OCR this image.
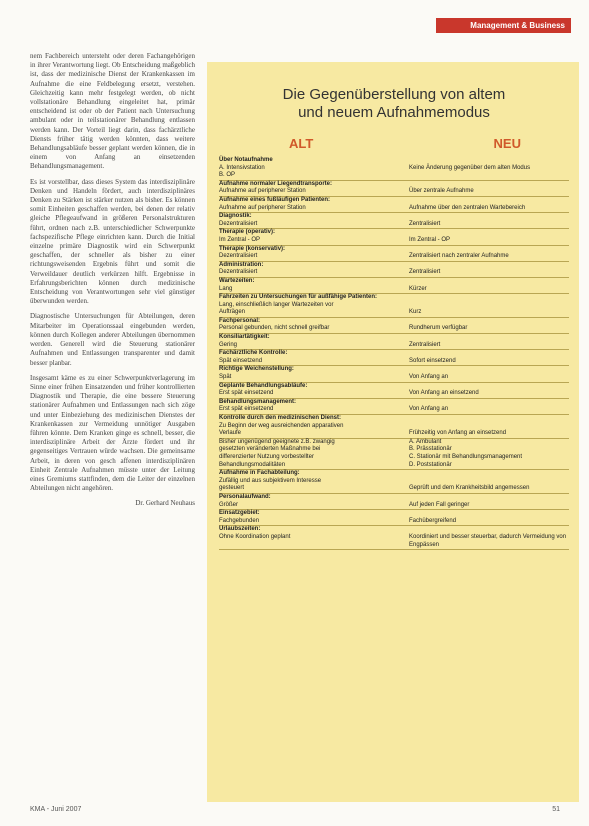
Management & Business

nem Fachbereich untersteht oder deren Fachangehörigen in ihrer Verantwortung liegt. Ob Entscheidung maßgeblich ist, dass der medizinische Dienst der Krankenkassen im Aufnahme die eine Feldbelegung ersetzt, verstehen. Gleichzeitig kann mehr festgelegt werden, ob nicht vollstationäre Behandlung eingeleitet hat, primär entscheidend ist oder ob der Patient nach Untersuchung ambulant oder in teilstationärer Behandlung entlassen werden kann. Der Vorteil liegt darin, dass fachärztliche Diensts früher tätig werden könnten, dass weitere Behandlungsabläufe besser geplant werden können, die in einem von Anfang an einsetzenden Behandlungsmanagement.

Es ist vorstellbar, dass dieses System das interdisziplinäre Denken und Handeln fördert, auch interdisziplinäres Denken zu Stärken ist stärker nutzen als bisher. Es können somit Einheiten geschaffen werden, bei denen der relativ gleiche Pflegeaufwand in größeren Personalstrukturen führt, ordnen nach z.B. unterschiedlicher Schwerpunkte fachspezifische Pflege einrichten kann. Durch die Initial einzelne primäre Diagnostik wird ein Schwerpunkt geschaffen, der schneller als bisher zu einer richtungsweisenden Ergebnis führt und somit die Verweildauer deutlich verkürzen hilft. Ergebnisse in Erfahrungsberichten können durch medizinische Entscheidung von Verantwortungen sehr viel günstiger überwunden werden.

Diagnostische Untersuchungen für Abteilungen, deren Mitarbeiter im Operationssaal eingebunden werden, können durch Kollegen anderer Abteilungen übernommen werden. Generell wird die Steuerung stationärer Aufnahmen und Entlassungen transparenter und damit besser planbar.

Insgesamt käme es zu einer Schwerpunktverlagerung im Sinne einer frühen Einsatzenden und früher kontrollierten Diagnostik und Therapie, die eine bessere Steuerung stationärer Aufnahmen und Entlassungen nach sich zöge und unter Einbeziehung des medizinischen Dienstes der Krankenkassen zur Vermeidung unnötiger Ausgaben führen könnte. Dem Kranken ginge es schnell, besser, die interdisziplinäre Arbeit der Ärzte fördert und ihr gegenseitiges Vertrauen würde wachsen. Die gemeinsame Arbeit, in deren von gesch affenen interdisziplinären Einheit Zentrale Aufnahmen müsste unter der Leitung eines Gremiums stattfinden, dem die Leiter der einzelnen Abteilungen nicht angehören.

Dr. Gerhard Neuhaus
Die Gegenüberstellung von altem
und neuem Aufnahmemodus
ALT	NEU
Über Notaufnahme
A. Intensivstation	Keine Änderung gegenüber dem alten Modus
B. OP
Aufnahme normaler Liegendtransporte:
Aufnahme auf peripherer Station	Über zentrale Aufnahme
Aufnahme eines fußläufigen Patienten:
Aufnahme auf peripherer Station	Aufnahme über den zentralen Wartebereich
Diagnostik:
Dezentralisiert	Zentralisiert
Therapie (operativ):
Im Zentral - OP	Im Zentral - OP
Therapie (konservativ):
Dezentralisiert	Zentralisiert nach zentraler Aufnahme
Administration:
Dezentralisiert	Zentralisiert
Wartezeiten:
Lang	Kürzer
Fahrzeiten zu Untersuchungen für außfähige Patienten:
Lang, einschließlich langer Wartezeiten vor
Aufträgen	Kurz
Fachpersonal:
Personal gebunden, nicht schnell greifbar	Rundherum verfügbar
Konsiliartätigkeit:
Gering	Zentralisiert
Fachärztliche Kontrolle:
Spät einsetzend	Sofort einsetzend
Richtige Weichenstellung:
Spät	Von Anfang an
Geplante Behandlungsabläufe:
Erst spät einsetzend	Von Anfang an einsetzend
Behandlungsmanagement:
Erst spät einsetzend	Von Anfang an
Kontrolle durch den medizinischen Dienst:
Zu Beginn der weg ausreichenden apparativen
Verlaufe	Frühzeitig von Anfang an einsetzend
Bisher ungenügend geeignete z.B. zwangig	A. Ambulant
gesetzten veränderten Maßnahme bei	B. Prässtationär
differenzierter Nutzung vorbestellter	C. Stationär mit Behandlungsmanagement
Behandlungsmodalitäten	D. Poststationär
Aufnahme in Fachabteilung:
Zufällig und aus subjektivem Interesse
gesteuert	Geprüft und dem Krankheitsbild angemessen
Personalaufwand:
Größer	Auf jeden Fall geringer
Einsatzgebiet:
Fachgebunden	Fachübergreifend
Urlaubszeiten:
Ohne Koordination geplant	Koordiniert und besser steuerbar, dadurch Vermeidung von Engpässen
KMA - Juni 2007	51
